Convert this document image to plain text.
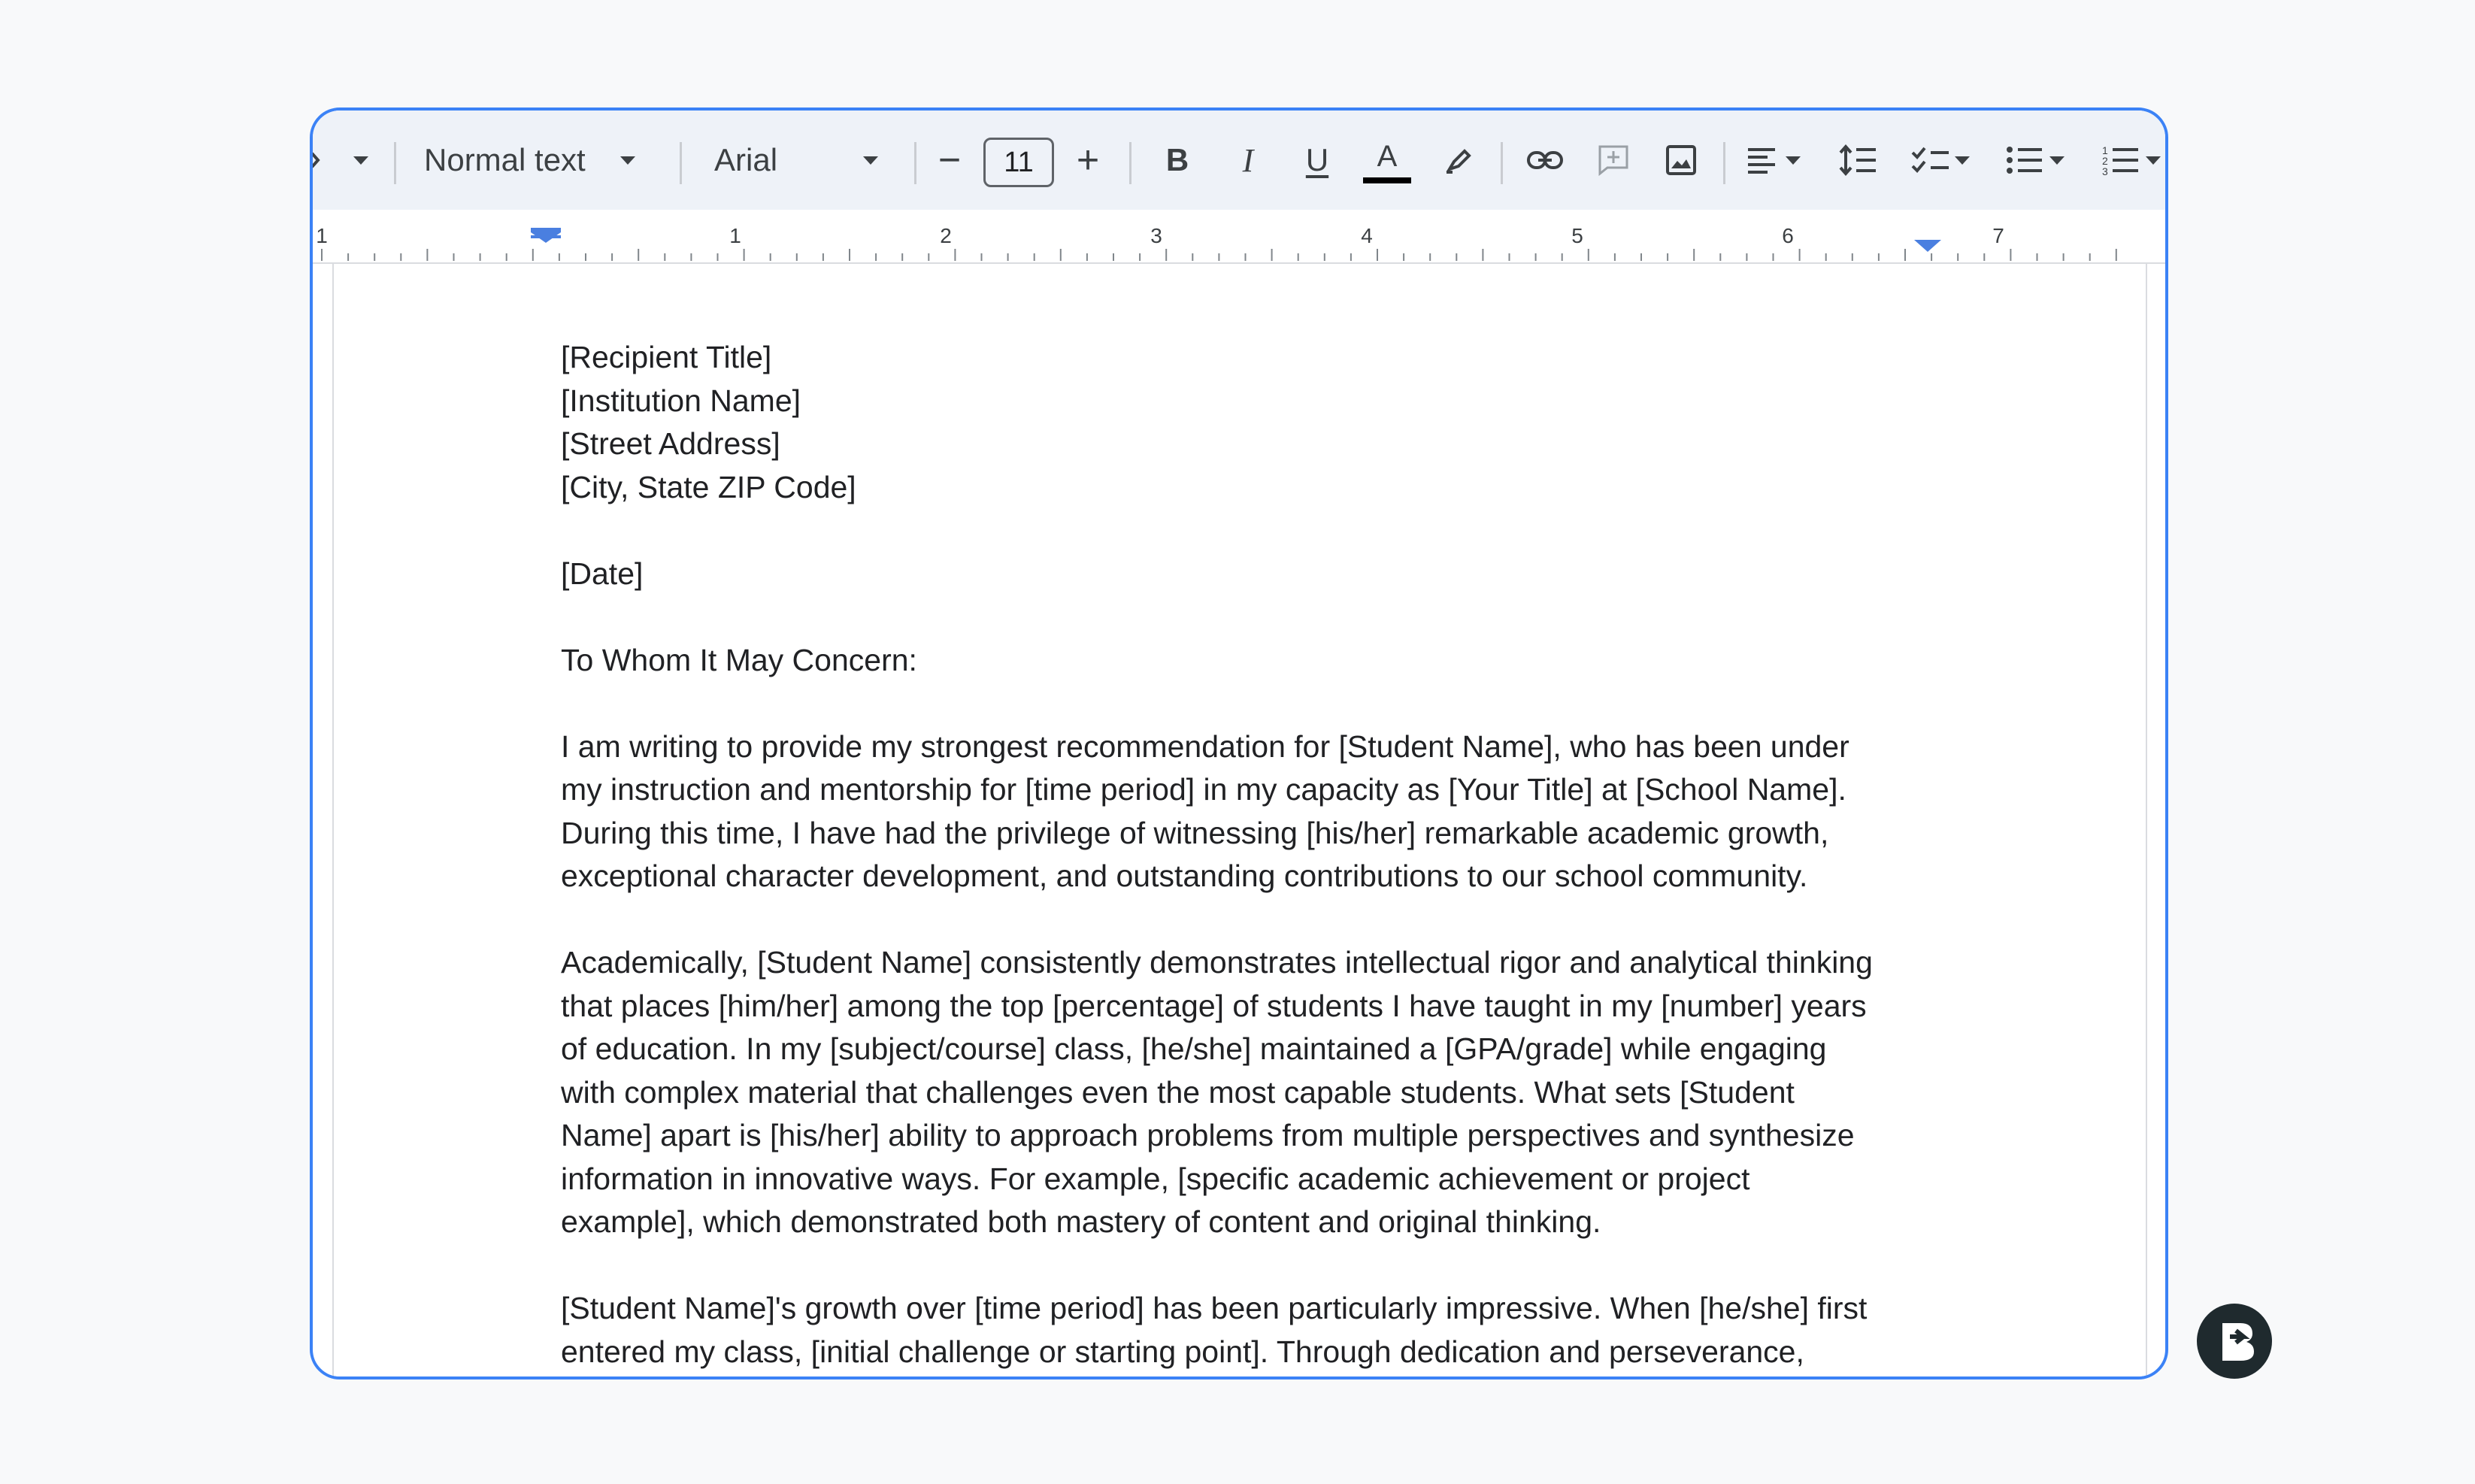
Normal text	Arial	−	11	+	B	I	U	A	1
2
3
1	1	2	3	4	5	6	7

[Recipient Title]

[Institution Name]

[Street Address]

[City, State ZIP Code]

[Date]

To Whom It May Concern:

I am writing to provide my strongest recommendation for [Student Name], who has been under

my instruction and mentorship for [time period] in my capacity as [Your Title] at [School Name].

During this time, I have had the privilege of witnessing [his/her] remarkable academic growth,

exceptional character development, and outstanding contributions to our school community.

Academically, [Student Name] consistently demonstrates intellectual rigor and analytical thinking

that places [him/her] among the top [percentage] of students I have taught in my [number] years

of education. In my [subject/course] class, [he/she] maintained a [GPA/grade] while engaging

with complex material that challenges even the most capable students. What sets [Student

Name] apart is [his/her] ability to approach problems from multiple perspectives and synthesize

information in innovative ways. For example, [specific academic achievement or project

example], which demonstrated both mastery of content and original thinking.

[Student Name]'s growth over [time period] has been particularly impressive. When [he/she] first

entered my class, [initial challenge or starting point]. Through dedication and perseverance,
